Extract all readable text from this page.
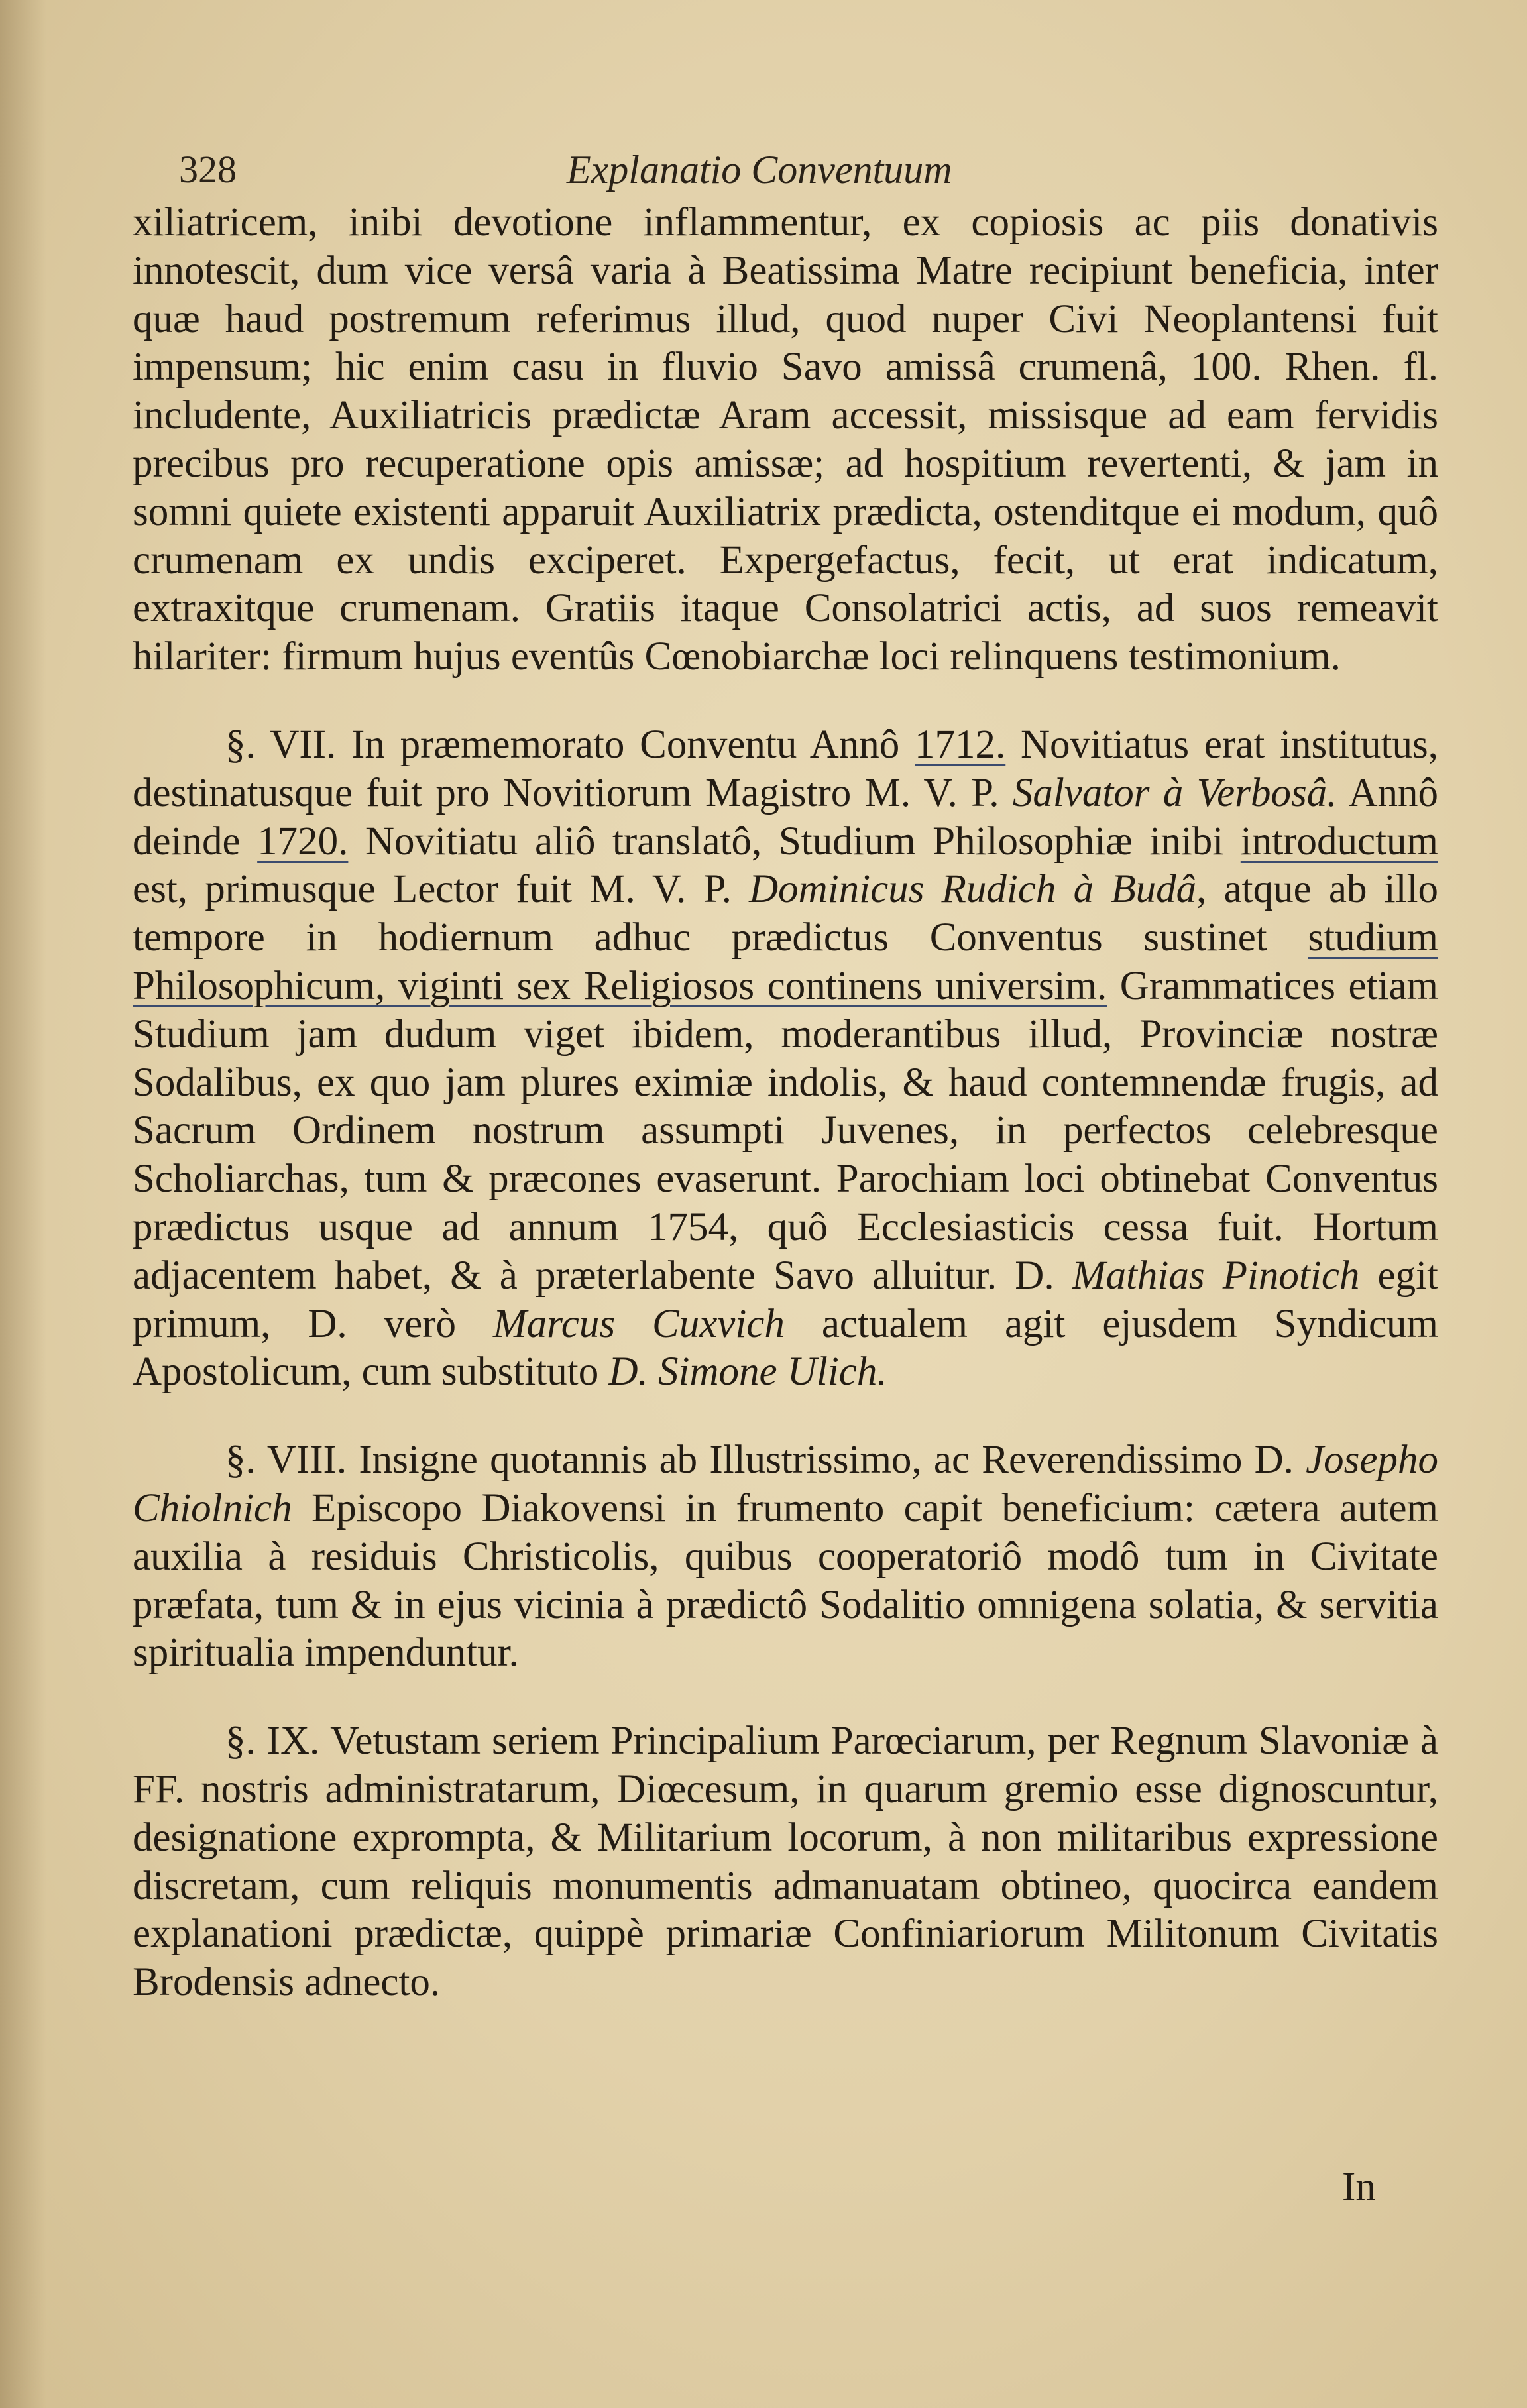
328	Explanatio Conventuum

xiliatricem, inibi devotione inflammentur, ex copiosis ac piis donativis innotescit, dum vice versâ varia à Beatissima Matre recipiunt beneficia, inter quæ haud postremum referimus illud, quod nuper Civi Neoplantensi fuit impensum; hic enim casu in fluvio Savo amissâ crumenâ, 100. Rhen. fl. includente, Auxiliatricis prædictæ Aram accessit, missisque ad eam fervidis precibus pro recuperatione opis amissæ; ad hospitium revertenti, & jam in somni quiete existenti apparuit Auxiliatrix prædicta, ostenditque ei modum, quô crumenam ex undis exciperet. Expergefactus, fecit, ut erat indicatum, extraxitque crumenam. Gratiis itaque Consolatrici actis, ad suos remeavit hilariter: firmum hujus eventûs Cœnobiarchæ loci relinquens testimonium.

§. VII. In præmemorato Conventu Annô 1712. Novitiatus erat institutus, destinatusque fuit pro Novitiorum Magistro M. V. P. Salvator à Verbosâ. Annô deinde 1720. Novitiatu aliô translatô, Studium Philosophiæ inibi introductum est, primusque Lector fuit M. V. P. Dominicus Rudich à Budâ, atque ab illo tempore in hodiernum adhuc prædictus Conventus sustinet studium Philosophicum, viginti sex Religiosos continens universim. Grammatices etiam Studium jam dudum viget ibidem, moderantibus illud, Provinciæ nostræ Sodalibus, ex quo jam plures eximiæ indolis, & haud contemnendæ frugis, ad Sacrum Ordinem nostrum assumpti Juvenes, in perfectos celebresque Scholiarchas, tum & præcones evaserunt. Parochiam loci obtinebat Conventus prædictus usque ad annum 1754, quô Ecclesiasticis cessa fuit. Hortum adjacentem habet, & à præterlabente Savo alluitur. D. Mathias Pinotich egit primum, D. verò Marcus Cuxvich actualem agit ejusdem Syndicum Apostolicum, cum substituto D. Simone Ulich.

§. VIII. Insigne quotannis ab Illustrissimo, ac Reverendissimo D. Josepho Chiolnich Episcopo Diakovensi in frumento capit beneficium: cætera autem auxilia à residuis Christicolis, quibus cooperatoriô modô tum in Civitate præfata, tum & in ejus vicinia à prædictô Sodalitio omnigena solatia, & servitia spiritualia impenduntur.

§. IX. Vetustam seriem Principalium Parœciarum, per Regnum Slavoniæ à FF. nostris administratarum, Diœcesum, in quarum gremio esse dignoscuntur, designatione exprompta, & Militarium locorum, à non militaribus expressione discretam, cum reliquis monumentis admanuatam obtineo, quocirca eandem explanationi prædictæ, quippè primariæ Confiniariorum Militonum Civitatis Brodensis adnecto.

In
